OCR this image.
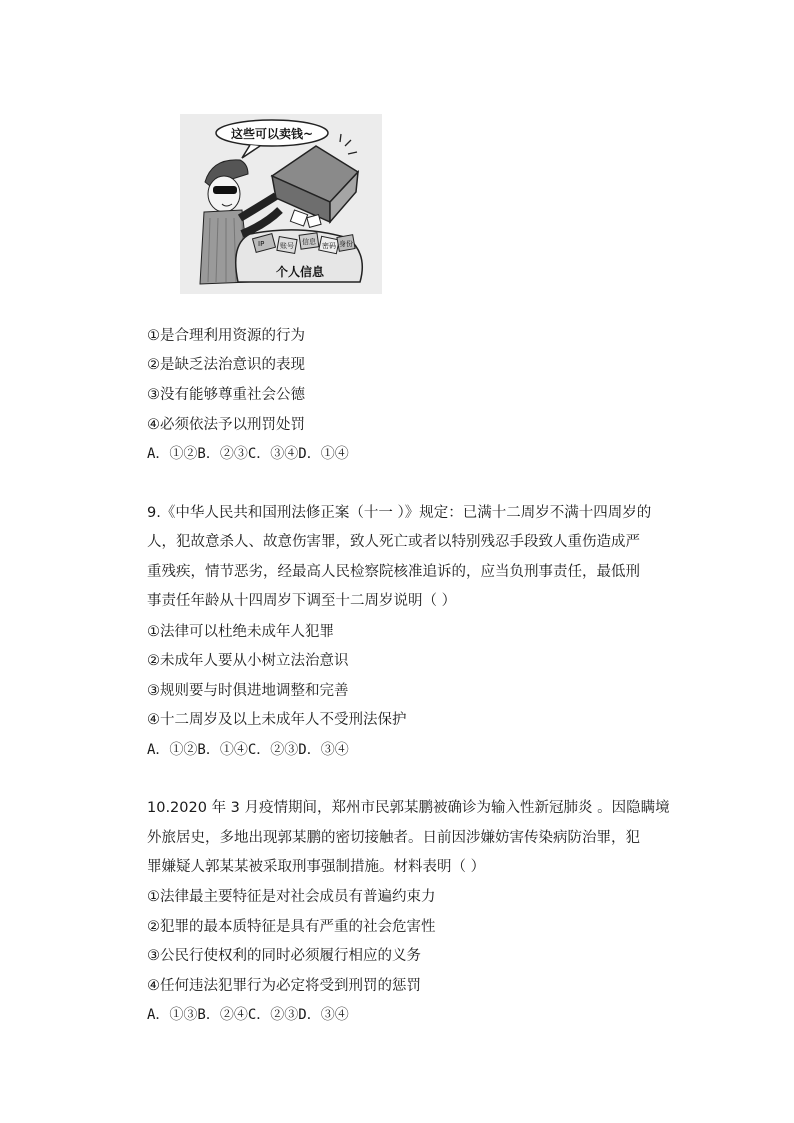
这些可以卖钱~
IP 账号 信息 密码 身份
个人信息
①是合理利用资源的行为
②是缺乏法治意识的表现
③没有能够尊重社会公德
④必须依法予以刑罚处罚
A．①②B．②③C．③④D．①④
9.《中华人民共和国刑法修正案（十一 ）》规定：已满十二周岁不满十四周岁的
人，犯故意杀人、故意伤害罪，致人死亡或者以特别残忍手段致人重伤造成严
重残疾，情节恶劣，经最高人民检察院核准追诉的，应当负刑事责任，最低刑
事责任年龄从十四周岁下调至十二周岁说明（ ）
①法律可以杜绝未成年人犯罪
②未成年人要从小树立法治意识
③规则要与时俱进地调整和完善
④十二周岁及以上未成年人不受刑法保护
A．①②B．①④C．②③D．③④
10.2020 年 3 月疫情期间，郑州市民郭某鹏被确诊为输入性新冠肺炎 。因隐瞒境
外旅居史，多地出现郭某鹏的密切接触者。日前因涉嫌妨害传染病防治罪，犯
罪嫌疑人郭某某被采取刑事强制措施。材料表明（ ）
①法律最主要特征是对社会成员有普遍约束力
②犯罪的最本质特征是具有严重的社会危害性
③公民行使权利的同时必须履行相应的义务
④任何违法犯罪行为必定将受到刑罚的惩罚
A．①③B．②④C．②③D．③④
